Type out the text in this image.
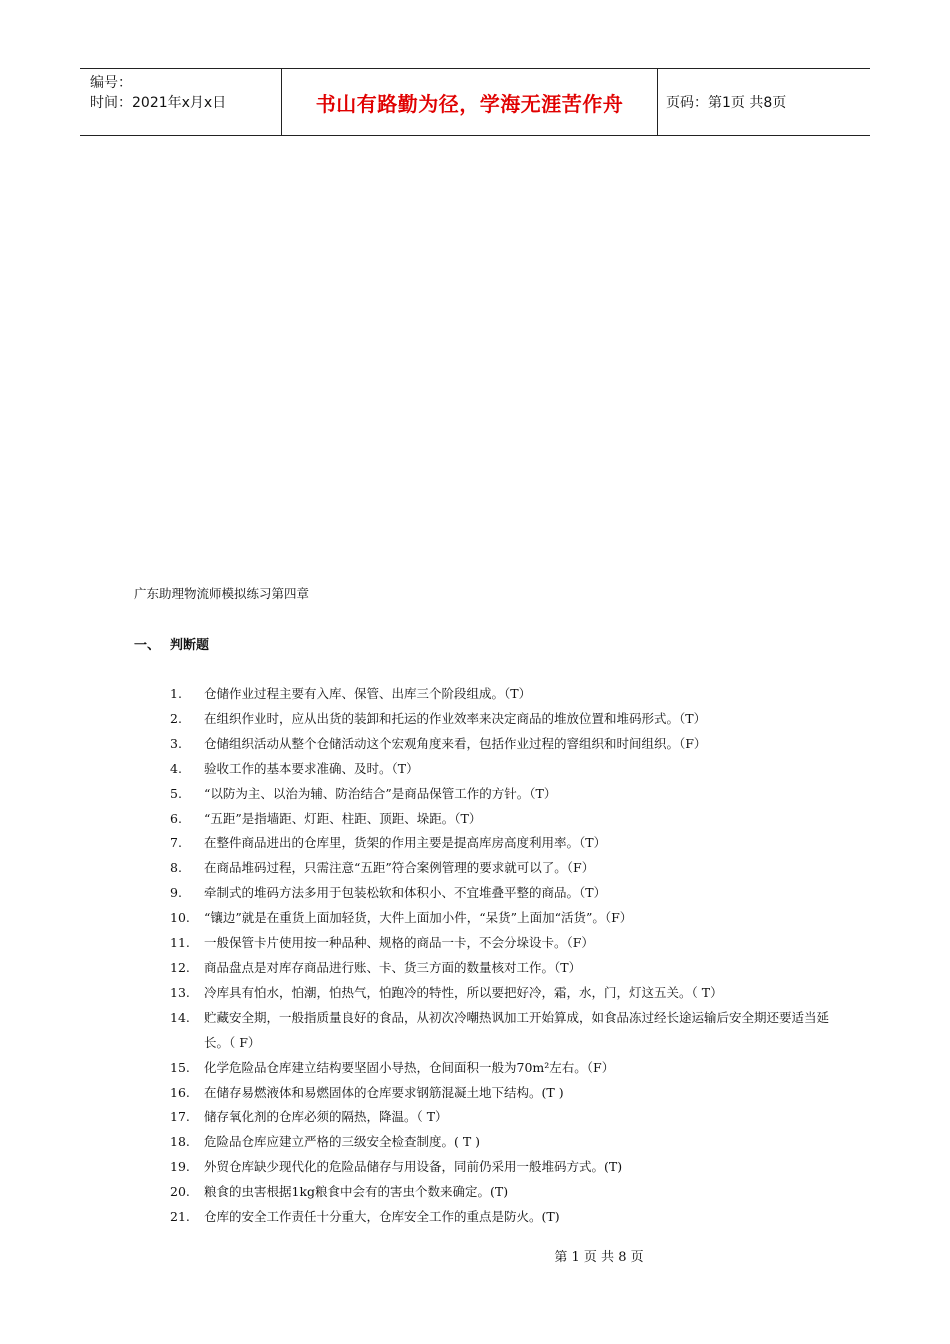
编号：
时间：2021年x月x日	书山有路勤为径，学海无涯苦作舟	页码：第1页 共8页
广东助理物流师模拟练习第四章
一、 判断题
1.	仓储作业过程主要有入库、保管、出库三个阶段组成。（T）
2.	在组织作业时，应从出货的装卸和托运的作业效率来决定商品的堆放位置和堆码形式。（T）
3.	仓储组织活动从整个仓储活动这个宏观角度来看，包括作业过程的窨组织和时间组织。（F）
4.	验收工作的基本要求准确、及时。（T）
5.	“以防为主、以治为辅、防治结合”是商品保管工作的方针。（T）
6.	“五距”是指墙距、灯距、柱距、顶距、垛距。（T）
7.	在整件商品进出的仓库里，货架的作用主要是提高库房高度利用率。（T）
8.	在商品堆码过程，只需注意“五距”符合案例管理的要求就可以了。（F）
9.	牵制式的堆码方法多用于包装松软和体积小、不宜堆叠平整的商品。（T）
10.	“镶边”就是在重货上面加轻货，大件上面加小件，“呆货”上面加“活货”。（F）
11.	一般保管卡片使用按一种品种、规格的商品一卡，不会分垛设卡。（F）
12.	商品盘点是对库存商品进行账、卡、货三方面的数量核对工作。（T）
13.	冷库具有怕水，怕潮，怕热气，怕跑冷的特性，所以要把好冷，霜，水，门，灯这五关。（ T）
14.	贮藏安全期，一般指质量良好的食品，从初次冷嘲热讽加工开始算成，如食品冻过经长途运输后安全期还要适当延长。（ F）
15.	化学危险品仓库建立结构要坚固小导热，仓间面积一般为70m²左右。（F）
16.	在储存易燃液体和易燃固体的仓库要求钢筋混凝土地下结构。(T )
17.	储存氧化剂的仓库必须的隔热，降温。（ T）
18.	危险品仓库应建立严格的三级安全检查制度。( T )
19.	外贸仓库缺少现代化的危险品储存与用设备，同前仍采用一般堆码方式。(T)
20.	粮食的虫害根据1kg粮食中会有的害虫个数来确定。(T)
21.	仓库的安全工作责任十分重大，仓库安全工作的重点是防火。(T)
第 1 页 共 8 页
